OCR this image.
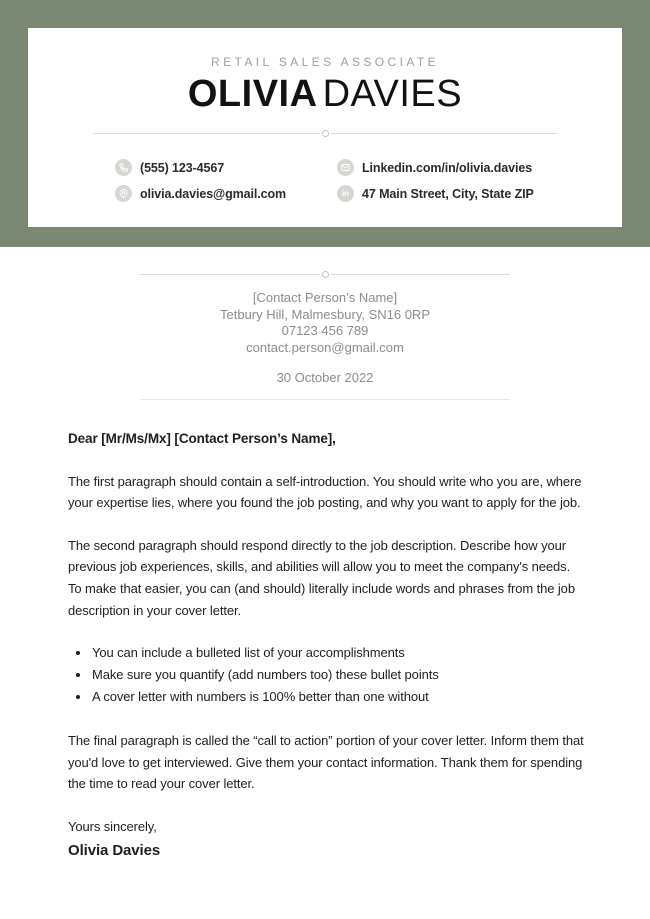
RETAIL SALES ASSOCIATE
OLIVIA DAVIES
(555) 123-4567	Linkedin.com/in/olivia.davies
olivia.davies@gmail.com	in 47 Main Street, City, State ZIP
[Contact Person’s Name]
Tetbury Hill, Malmesbury, SN16 0RP
07123 456 789
contact.person@gmail.com
30 October 2022

Dear [Mr/Ms/Mx] [Contact Person’s Name],

The first paragraph should contain a self-introduction. You should write who you are, where your expertise lies, where you found the job posting, and why you want to apply for the job.

The second paragraph should respond directly to the job description. Describe how your previous job experiences, skills, and abilities will allow you to meet the company's needs. To make that easier, you can (and should) literally include words and phrases from the job description in your cover letter.

You can include a bulleted list of your accomplishments
Make sure you quantify (add numbers too) these bullet points
A cover letter with numbers is 100% better than one without

The final paragraph is called the “call to action” portion of your cover letter. Inform them that you'd love to get interviewed. Give them your contact information. Thank them for spending the time to read your cover letter.

Yours sincerely,

Olivia Davies
